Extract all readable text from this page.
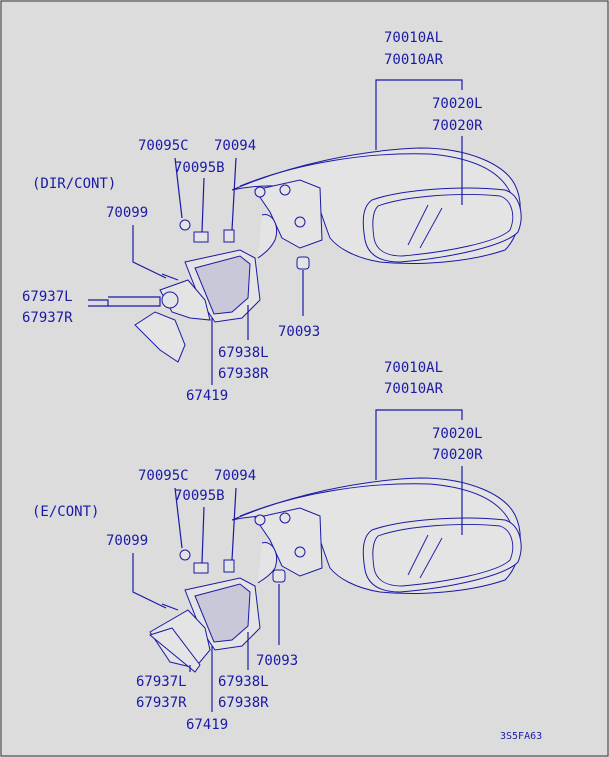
(DIR/CONT)
70010AL
70010AR
70020L
70020R
70095C 70094
70095B
70099
67937L
67937R
70093
67938L
67938R
67419
(E/CONT)
70010AL
70010AR
70020L
70020R
70095C 70094
70095B
70099
70093
67937L
67937R
67938L
67938R
67419
3S5FA63
